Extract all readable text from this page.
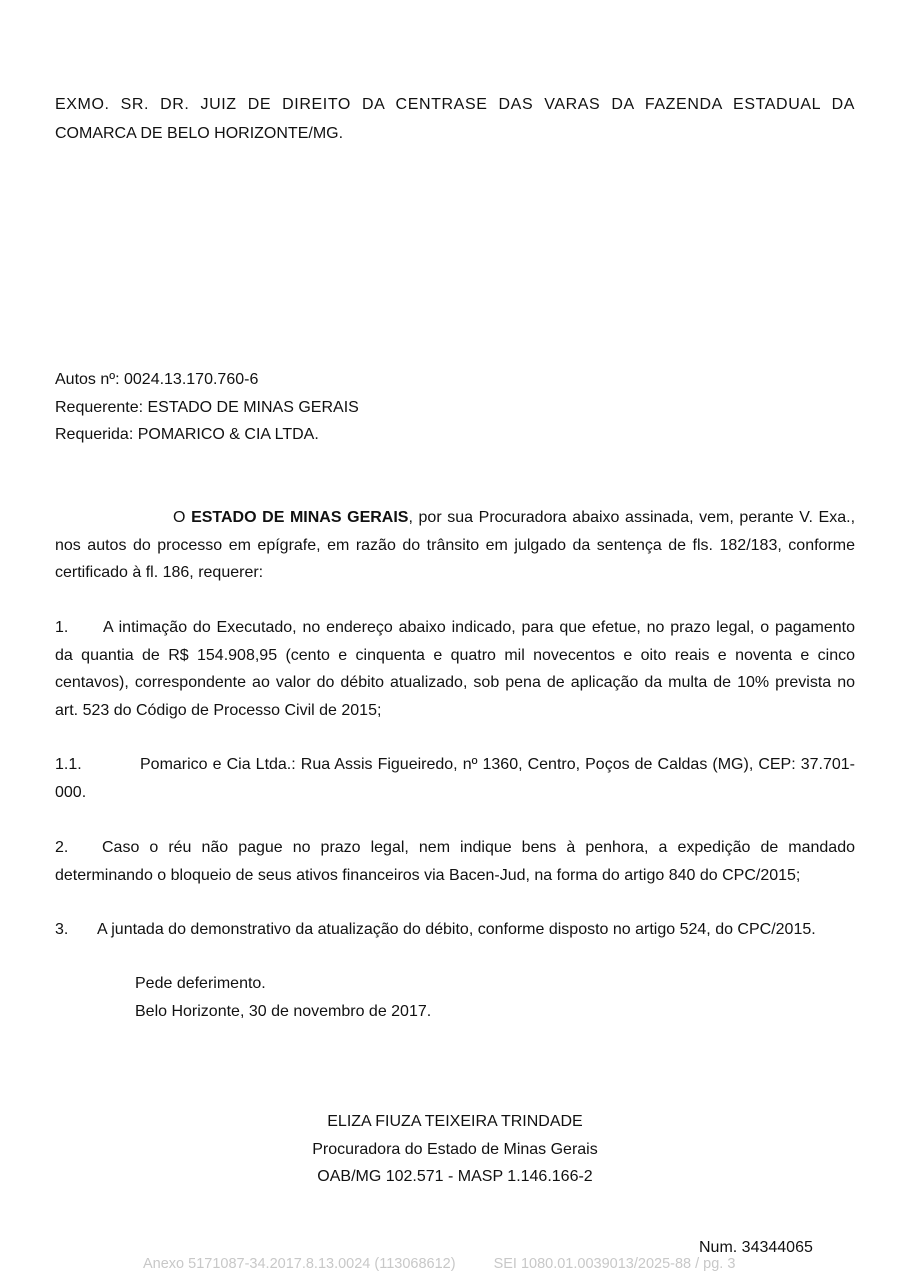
EXMO. SR. DR. JUIZ DE DIREITO DA CENTRASE DAS VARAS DA FAZENDA ESTADUAL DA
COMARCA DE BELO HORIZONTE/MG.
Autos nº: 0024.13.170.760-6
Requerente: ESTADO DE MINAS GERAIS
Requerida: POMARICO & CIA LTDA.
O ESTADO DE MINAS GERAIS, por sua Procuradora abaixo assinada, vem, perante V. Exa., nos autos do processo em epígrafe, em razão do trânsito em julgado da sentença de fls. 182/183, conforme certificado à fl. 186, requerer:
1. A intimação do Executado, no endereço abaixo indicado, para que efetue, no prazo legal, o pagamento da quantia de R$ 154.908,95 (cento e cinquenta e quatro mil novecentos e oito reais e noventa e cinco centavos), correspondente ao valor do débito atualizado, sob pena de aplicação da multa de 10% prevista no art. 523 do Código de Processo Civil de 2015;
1.1.	Pomarico e Cia Ltda.: Rua Assis Figueiredo, nº 1360, Centro, Poços de Caldas (MG), CEP: 37.701-000.
2. Caso o réu não pague no prazo legal, nem indique bens à penhora, a expedição de mandado determinando o bloqueio de seus ativos financeiros via Bacen-Jud, na forma do artigo 840 do CPC/2015;
3. A juntada do demonstrativo da atualização do débito, conforme disposto no artigo 524, do CPC/2015.
Pede deferimento.
Belo Horizonte, 30 de novembro de 2017.
ELIZA FIUZA TEIXEIRA TRINDADE
Procuradora do Estado de Minas Gerais
OAB/MG 102.571 - MASP 1.146.166-2
Num. 34344065
Anexo 5171087-34.2017.8.13.0024 (113068612)	SEI 1080.01.0039013/2025-88 / pg. 3
